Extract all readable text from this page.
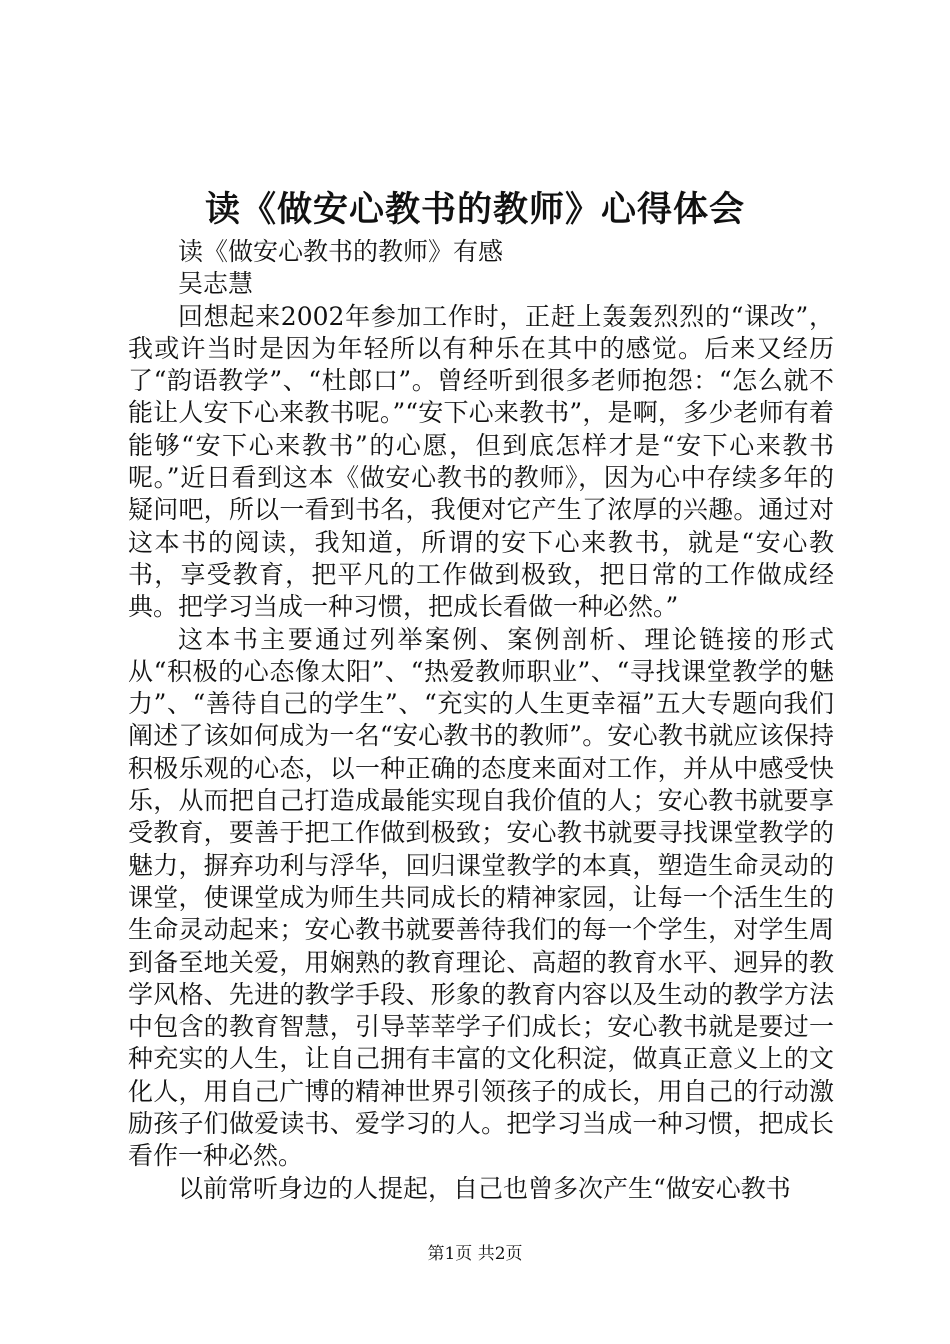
读《做安心教书的教师》心得体会

读《做安心教书的教师》有感

吴志慧

回想起来2002年参加工作时，正赶上轰轰烈烈的“课改”，我或许当时是因为年轻所以有种乐在其中的感觉。后来又经历了“韵语教学”、“杜郎口”。曾经听到很多老师抱怨：“怎么就不能让人安下心来教书呢。”“安下心来教书”，是啊，多少老师有着能够“安下心来教书”的心愿，但到底怎样才是“安下心来教书呢。”近日看到这本《做安心教书的教师》，因为心中存续多年的疑问吧，所以一看到书名，我便对它产生了浓厚的兴趣。通过对这本书的阅读，我知道，所谓的安下心来教书，就是“安心教书，享受教育，把平凡的工作做到极致，把日常的工作做成经典。把学习当成一种习惯，把成长看做一种必然。”

这本书主要通过列举案例、案例剖析、理论链接的形式从“积极的心态像太阳”、“热爱教师职业”、“寻找课堂教学的魅力”、“善待自己的学生”、“充实的人生更幸福”五大专题向我们阐述了该如何成为一名“安心教书的教师”。安心教书就应该保持积极乐观的心态，以一种正确的态度来面对工作，并从中感受快乐，从而把自己打造成最能实现自我价值的人；安心教书就要享受教育，要善于把工作做到极致；安心教书就要寻找课堂教学的魅力，摒弃功利与浮华，回归课堂教学的本真，塑造生命灵动的课堂，使课堂成为师生共同成长的精神家园，让每一个活生生的生命灵动起来；安心教书就要善待我们的每一个学生，对学生周到备至地关爱，用娴熟的教育理论、高超的教育水平、迥异的教学风格、先进的教学手段、形象的教育内容以及生动的教学方法中包含的教育智慧，引导莘莘学子们成长；安心教书就是要过一种充实的人生，让自己拥有丰富的文化积淀，做真正意义上的文化人，用自己广博的精神世界引领孩子的成长，用自己的行动激励孩子们做爱读书、爱学习的人。把学习当成一种习惯，把成长看作一种必然。

以前常听身边的人提起，自己也曾多次产生“做安心教书

第1页 共2页
